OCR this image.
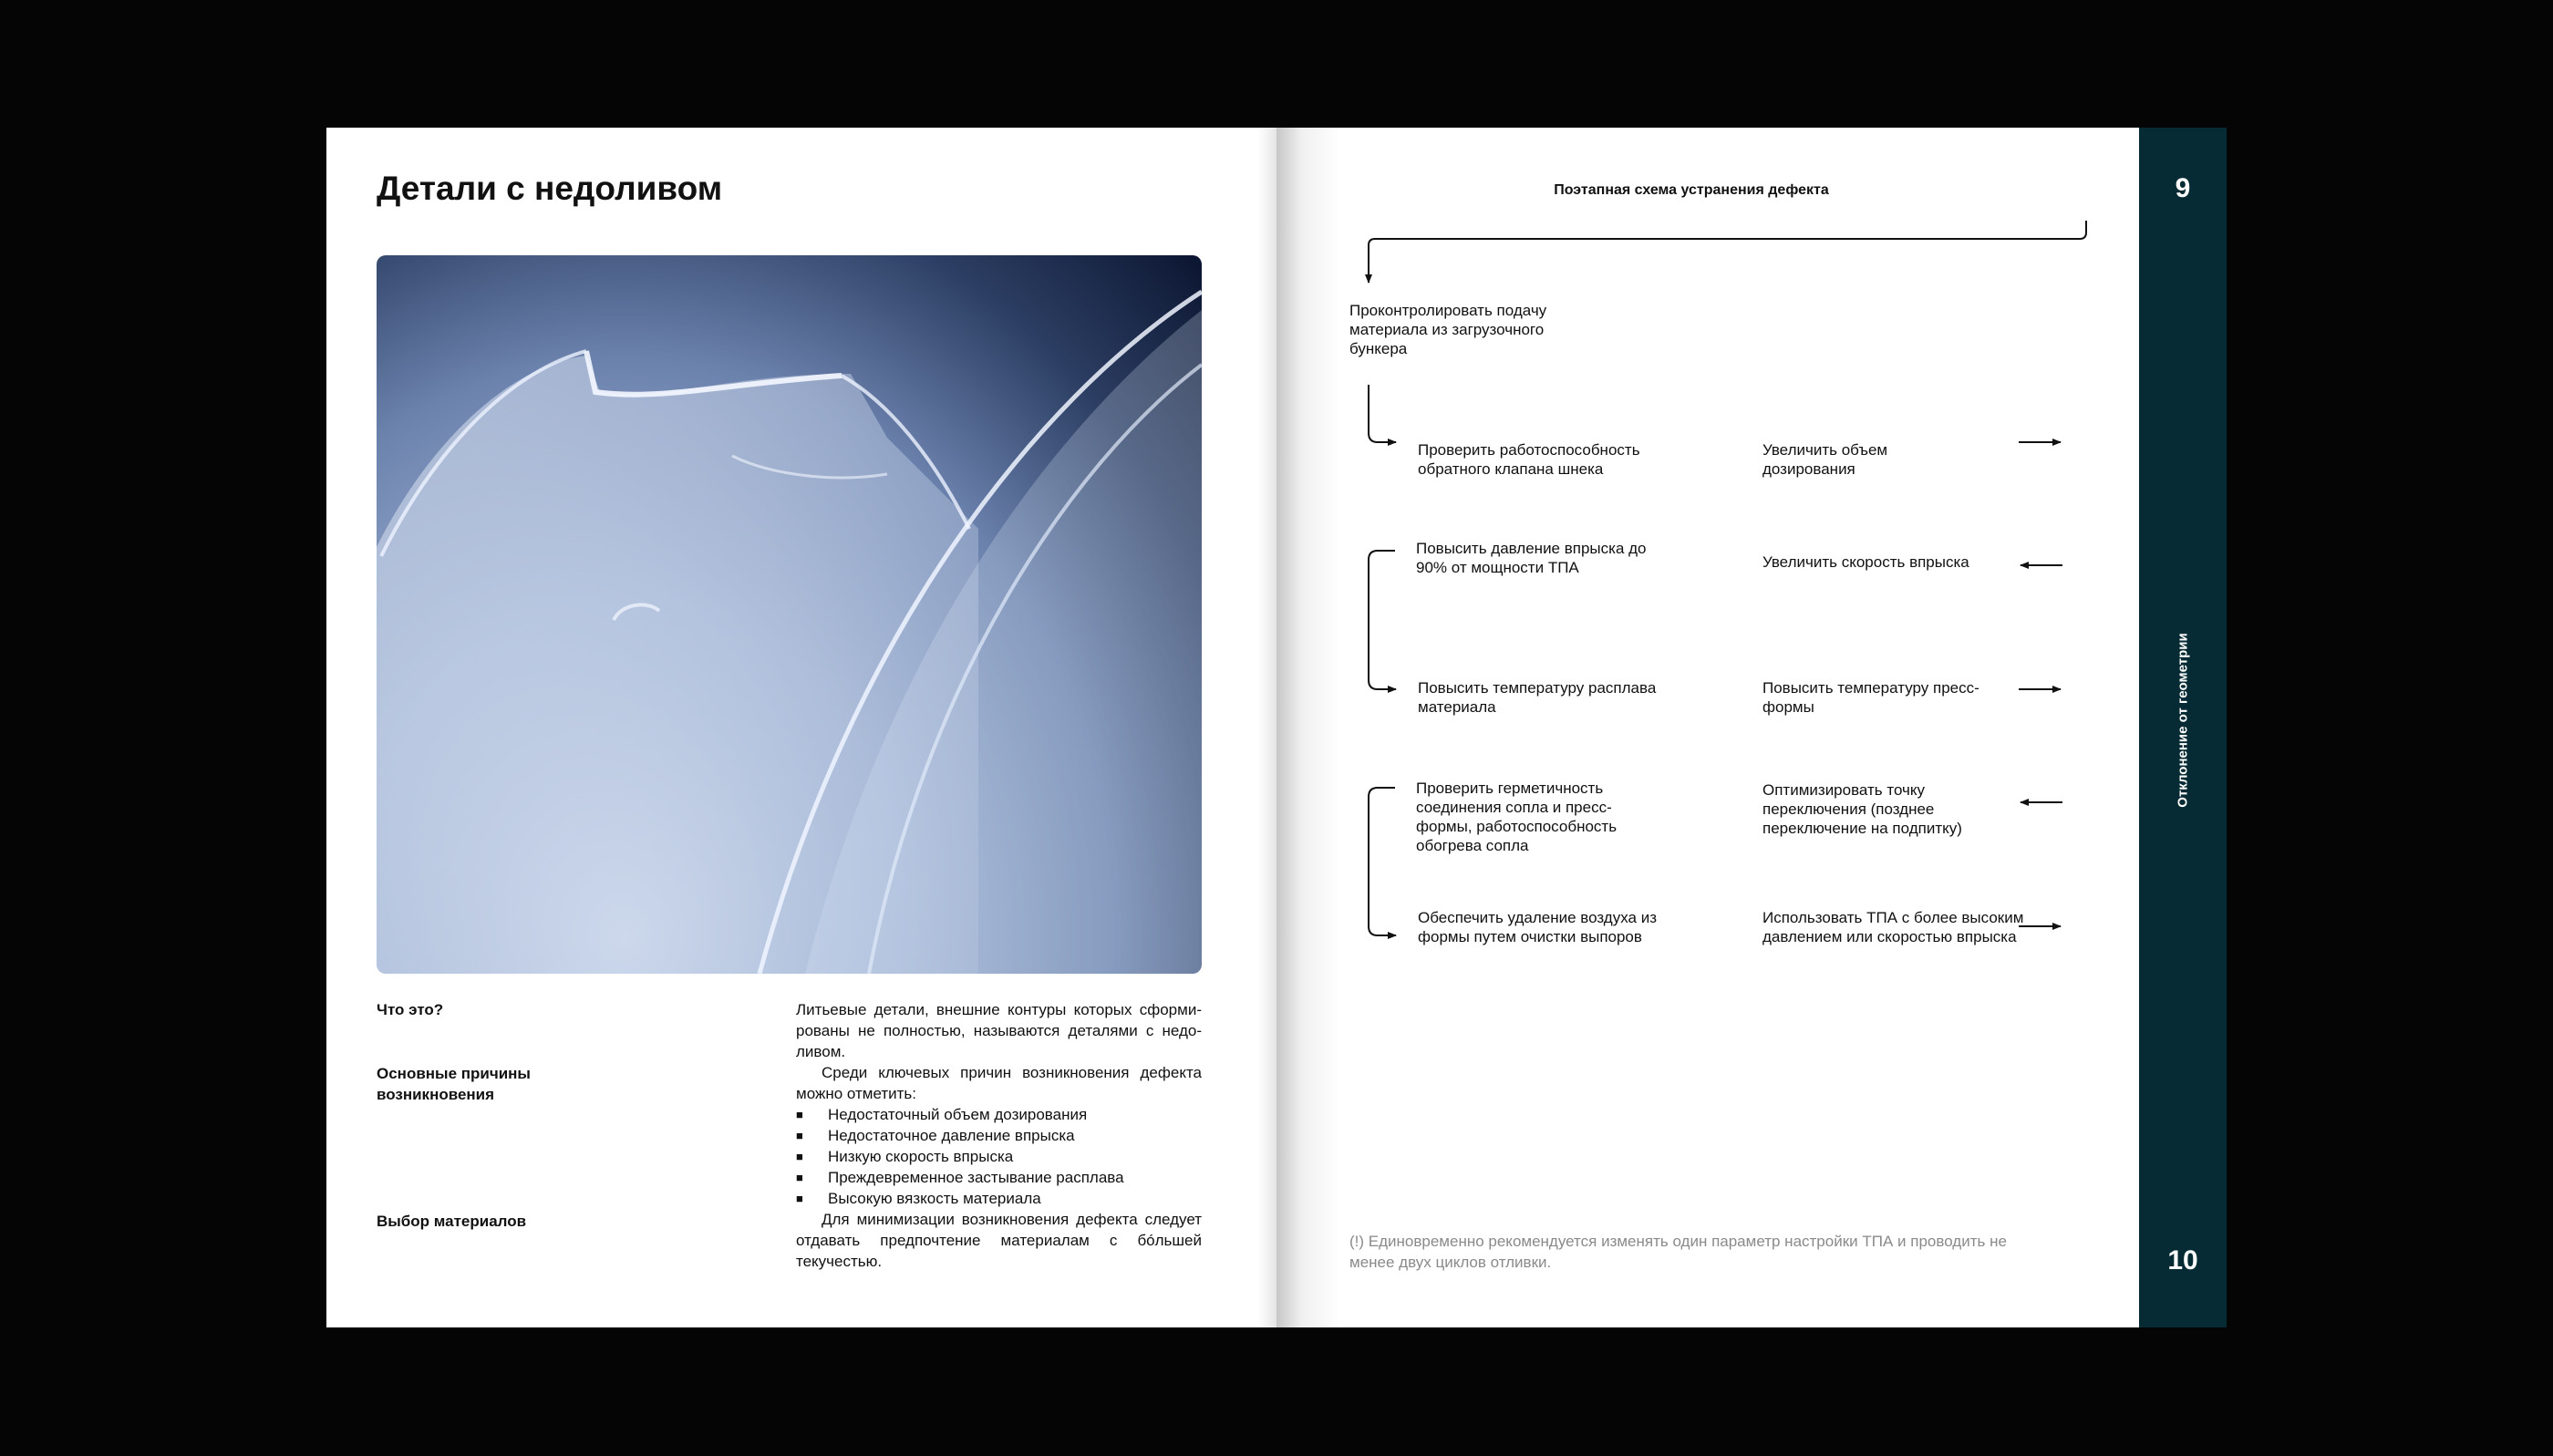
Детали с недоливом
Что это?
Основные причины возникновения
Выбор материалов

Литьевые детали, внешние контуры которых сформированы не полностью, называются деталями с недоливом.

Среди ключевых причин возникновения дефекта можно отметить:

■ Недостаточный объем дозирования
■ Недостаточное давление впрыска
■ Низкую скорость впрыска
■ Преждевременное застывание расплава
■ Высокую вязкость материала

Для минимизации возникновения дефекта следует отдавать предпочтение материалам с бóльшей текучестью.

Поэтапная схема устранения дефекта
Проконтролировать подачу материала из загрузочного бункера
Проверить работоспособность обратного клапана шнека
Увеличить объем дозирования
Увеличить скорость впрыска
Повысить давление впрыска до 90% от мощности ТПА
Повысить температуру расплава материала
Повысить температуру пресс-формы
Оптимизировать точку переключения (позднее переключение на подпитку)
Проверить герметичность соединения сопла и пресс-формы, работоспособность обогрева сопла
Обеспечить удаление воздуха из формы путем очистки выпоров
Использовать ТПА с более высоким давлением или скоростью впрыска
(!) Единовременно рекомендуется изменять один параметр настройки ТПА и проводить не менее двух циклов отливки.
9
Отклонение от геометрии
10
